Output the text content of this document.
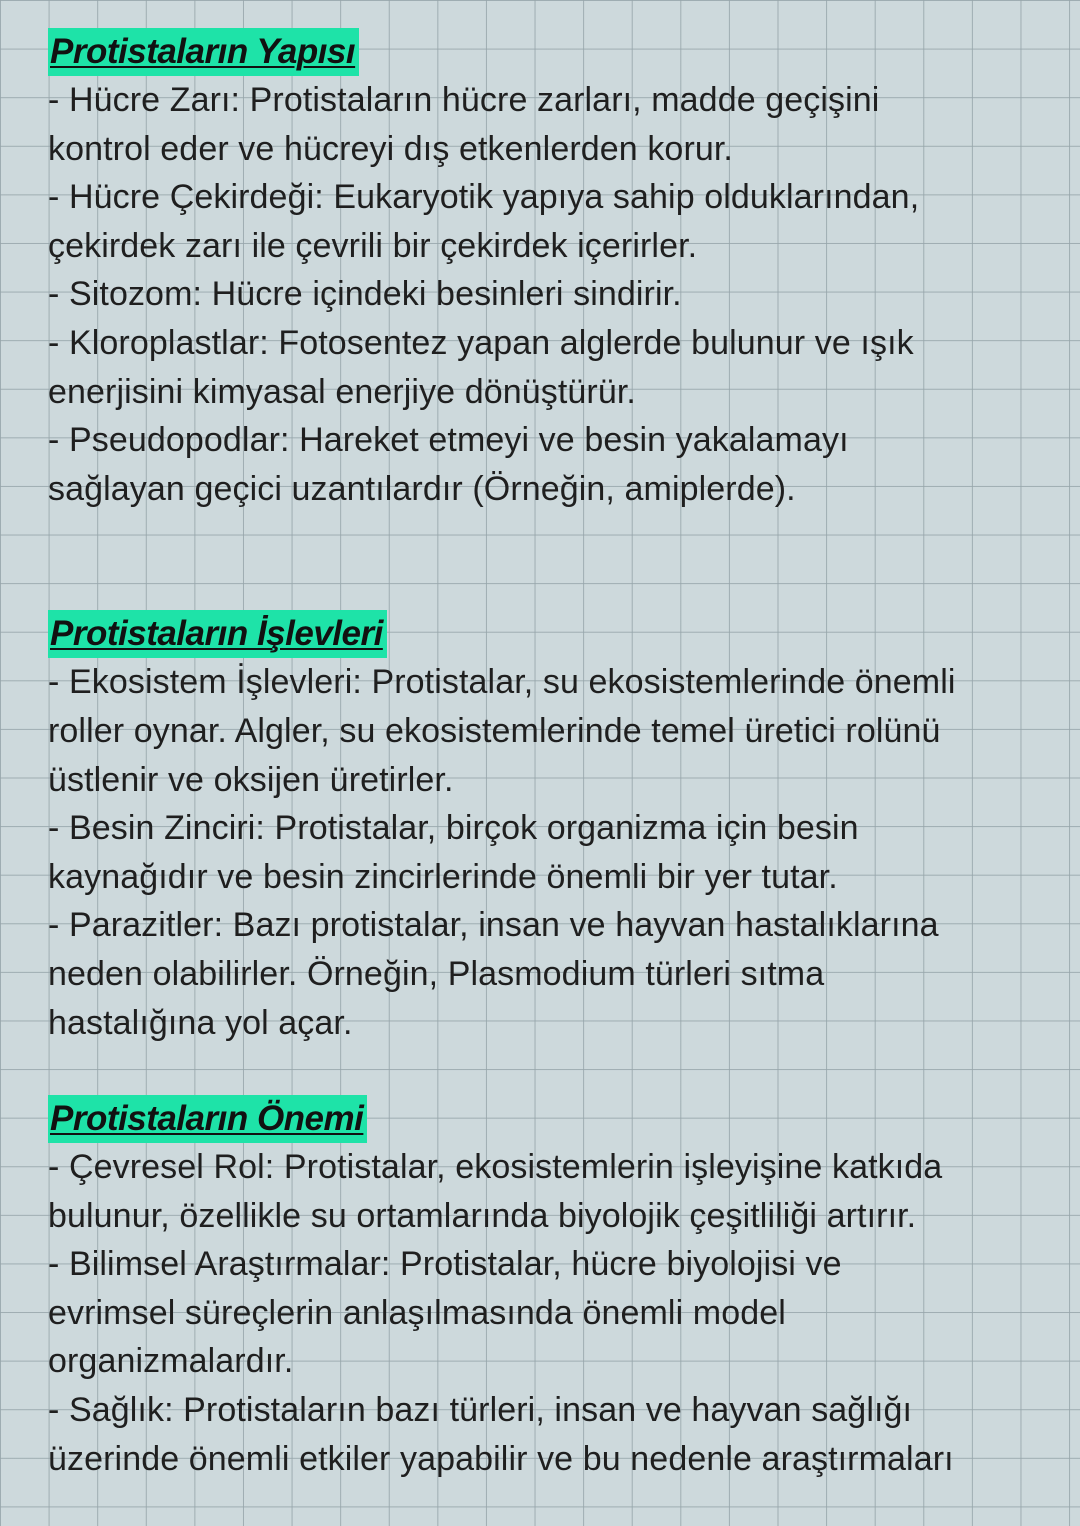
Protistaların Yapısı

- Hücre Zarı: Protistaların hücre zarları, madde geçişini kontrol eder ve hücreyi dış etkenlerden korur.

- Hücre Çekirdeği: Eukaryotik yapıya sahip olduklarından, çekirdek zarı ile çevrili bir çekirdek içerirler.

- Sitozom: Hücre içindeki besinleri sindirir.

- Kloroplastlar: Fotosentez yapan alglerde bulunur ve ışık enerjisini kimyasal enerjiye dönüştürür.

- Pseudopodlar: Hareket etmeyi ve besin yakalamayı sağlayan geçici uzantılardır (Örneğin, amiplerde).

Protistaların İşlevleri

- Ekosistem İşlevleri: Protistalar, su ekosistemlerinde önemli roller oynar. Algler, su ekosistemlerinde temel üretici rolünü üstlenir ve oksijen üretirler.

- Besin Zinciri: Protistalar, birçok organizma için besin kaynağıdır ve besin zincirlerinde önemli bir yer tutar.

- Parazitler: Bazı protistalar, insan ve hayvan hastalıklarına neden olabilirler. Örneğin, Plasmodium türleri sıtma hastalığına yol açar.

Protistaların Önemi

- Çevresel Rol: Protistalar, ekosistemlerin işleyişine katkıda bulunur, özellikle su ortamlarında biyolojik çeşitliliği artırır.

- Bilimsel Araştırmalar: Protistalar, hücre biyolojisi ve evrimsel süreçlerin anlaşılmasında önemli model organizmalardır.

- Sağlık: Protistaların bazı türleri, insan ve hayvan sağlığı üzerinde önemli etkiler yapabilir ve bu nedenle araştırmaları
